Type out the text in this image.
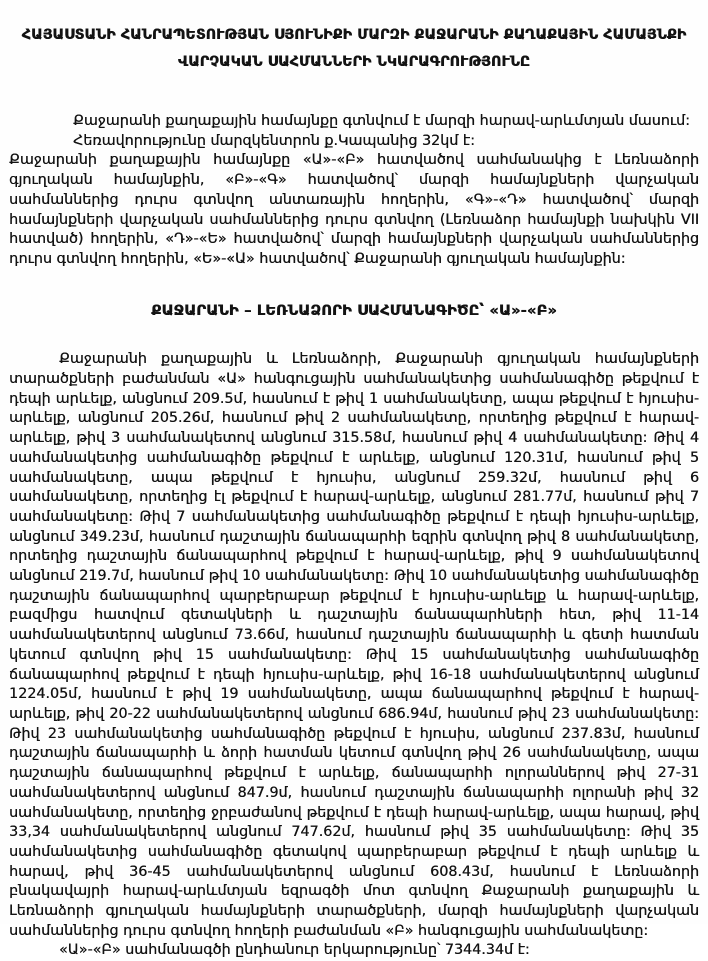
ՀԱՅԱՍՏԱՆԻ ՀԱՆՐԱՊԵՏՈՒԹՅԱՆ ՍՅՈՒՆԻՔԻ ՄԱՐԶԻ ՔԱՋԱՐԱՆԻ ՔԱՂԱՔԱՅԻՆ ՀԱՄԱՅՆՔԻ
ՎԱՐՉԱԿԱՆ ՍԱՀՄԱՆՆԵՐԻ ՆԿԱՐԱԳՐՈՒԹՅՈՒՆԸ

Քաջարանի քաղաքային համայնքը գտնվում է մարզի հարավ-արևմտյան մասում:

Հեռավորությունը մարզկենտրոն ք.Կապանից 32կմ է:

Քաջարանի քաղաքային համայնքը «Ա»-«Բ» հատվածով սահմանակից է Լեռնաձորի գյուղական համայնքին, «Բ»-«Գ» հատվածով՝ մարզի համայնքների վարչական սահմաններից դուրս գտնվող անտառային հողերին, «Գ»-«Դ» հատվածով՝ մարզի համայնքների վարչական սահմաններից դուրս գտնվող (Լեռնաձոր համայնքի նախկին VII հատված) հողերին, «Դ»-«Ե» հատվածով՝ մարզի համայնքների վարչական սահմաններից դուրս գտնվող հողերին, «Ե»-«Ա» հատվածով՝ Քաջարանի գյուղական համայնքին:

ՔԱՋԱՐԱՆԻ – ԼԵՌՆԱՁՈՐԻ ՍԱՀՄԱՆԱԳԻԾԸ՝ «Ա»-«Բ»

Քաջարանի քաղաքային և Լեռնաձորի, Քաջարանի գյուղական համայնքների տարածքների բաժանման «Ա» հանգուցային սահմանակետից սահմանագիծը թեքվում է դեպի արևելք, անցնում 209.5մ, հասնում է թիվ 1 սահմանակետը, ապա թեքվում է հյուսիս-արևելք, անցնում 205.26մ, հասնում թիվ 2 սահմանակետը, որտեղից թեքվում է հարավ-արևելք, թիվ 3 սահմանակետով անցնում 315.58մ, հասնում թիվ 4 սահմանակետը: Թիվ 4 սահմանակետից սահմանագիծը թեքվում է արևելք, անցնում 120.31մ, հասնում թիվ 5 սահմանակետը, ապա թեքվում է հյուսիս, անցնում 259.32մ, հասնում թիվ 6 սահմանակետը, որտեղից էլ թեքվում է հարավ-արևելք, անցնում 281.77մ, հասնում թիվ 7 սահմանակետը: Թիվ 7 սահմանակետից սահմանագիծը թեքվում է դեպի հյուսիս-արևելք, անցնում 349.23մ, հասնում դաշտային ճանապարհի եզրին գտնվող թիվ 8 սահմանակետը, որտեղից դաշտային ճանապարհով թեքվում է հարավ-արևելք, թիվ 9 սահմանակետով անցնում 219.7մ, հասնում թիվ 10 սահմանակետը: Թիվ 10 սահմանակետից սահմանագիծը դաշտային ճանապարհով պարբերաբար թեքվում է հյուսիս-արևելք և հարավ-արևելք, բազմիցս հատվում գետակների և դաշտային ճանապարհների հետ, թիվ 11-14 սահմանակետերով անցնում 73.66մ, հասնում դաշտային ճանապարհի և գետի հատման կետում գտնվող թիվ 15 սահմանակետը: Թիվ 15 սահմանակետից սահմանագիծը ճանապարհով թեքվում է դեպի հյուսիս-արևելք, թիվ 16-18 սահմանակետերով անցնում 1224.05մ, հասնում է թիվ 19 սահմանակետը, ապա ճանապարհով թեքվում է հարավ-արևելք, թիվ 20-22 սահմանակետերով անցնում 686.94մ, հասնում թիվ 23 սահմանակետը: Թիվ 23 սահմանակետից սահմանագիծը թեքվում է հյուսիս, անցնում 237.83մ, հասնում դաշտային ճանապարհի և ձորի հատման կետում գտնվող թիվ 26 սահմանակետը, ապա դաշտային ճանապարհով թեքվում է արևելք, ճանապարհի ոլորաններով թիվ 27-31 սահմանակետերով անցնում 847.9մ, հասնում դաշտային ճանապարհի ոլորանի թիվ 32 սահմանակետը, որտեղից ջրբաժանով թեքվում է դեպի հարավ-արևելք, ապա հարավ, թիվ 33,34 սահմանակետերով անցնում 747.62մ, հասնում թիվ 35 սահմանակետը: Թիվ 35 սահմանակետից սահմանագիծը գետակով պարբերաբար թեքվում է դեպի արևելք և հարավ, թիվ 36-45 սահմանակետերով անցնում 608.43մ, հասնում է Լեռնաձորի բնակավայրի հարավ-արևմտյան եզրագծի մոտ գտնվող Քաջարանի քաղաքային և Լեռնաձորի գյուղական համայնքների տարածքների, մարզի համայնքների վարչական սահմաններից դուրս գտնվող հողերի բաժանման «Բ» հանգուցային սահմանակետը:

«Ա»-«Բ» սահմանագծի ընդհանուր երկարությունը՝ 7344.34մ է:
